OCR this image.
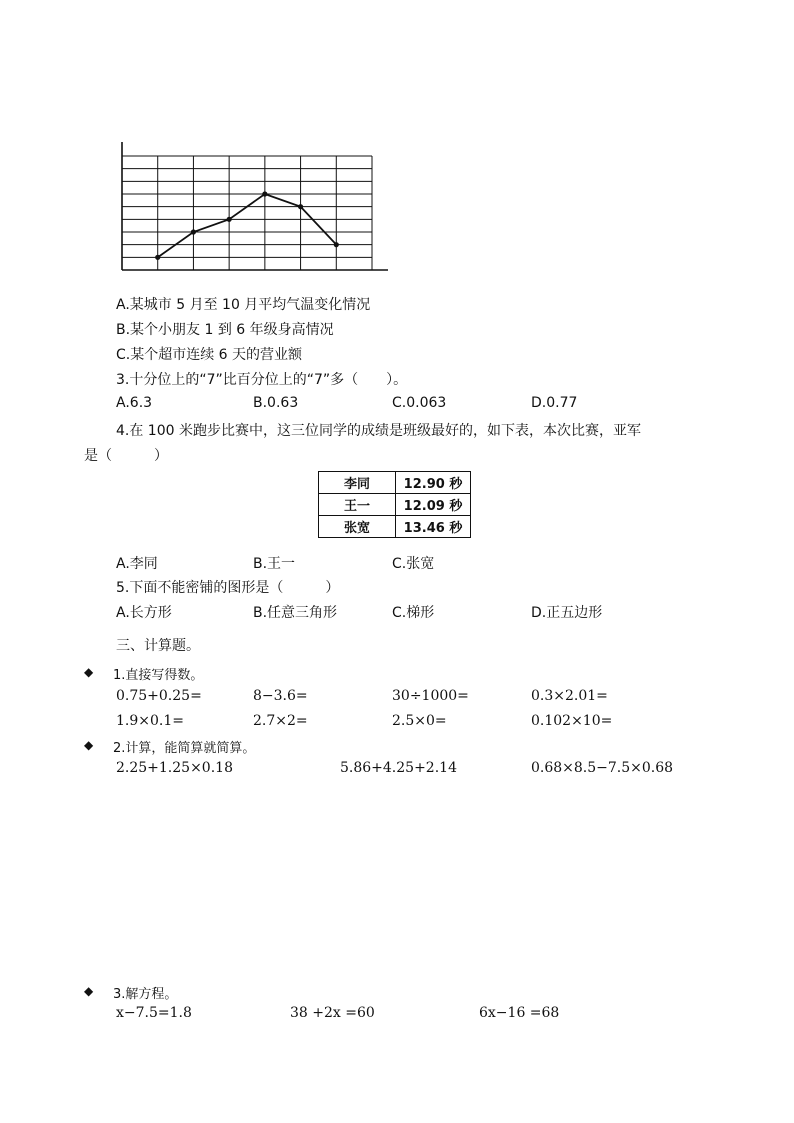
A.某城市 5 月至 10 月平均气温变化情况
B.某个小朋友 1 到 6 年级身高情况
C.某个超市连续 6 天的营业额
3.十分位上的“7”比百分位上的“7”多（　　）。
A.6.3	B.0.63	C.0.063	D.0.77
4.在 100 米跑步比赛中，这三位同学的成绩是班级最好的，如下表，本次比赛，亚军
是（　　　）
李同	12.90 秒
王一	12.09 秒
张宽	13.46 秒
A.李同	B.王一	C.张宽
5.下面不能密铺的图形是（　　　）
A.长方形	B.任意三角形	C.梯形	D.正五边形
三、计算题。
◆ 1.直接写得数。
0.75+0.25=	8−3.6=	30÷1000=	0.3×2.01=
1.9×0.1=	2.7×2=	2.5×0=	0.102×10=
◆ 2.计算，能简算就简算。
2.25+1.25×0.18	5.86+4.25+2.14	0.68×8.5−7.5×0.68
◆ 3.解方程。
x−7.5=1.8	38 +2x =60	6x−16 =68
